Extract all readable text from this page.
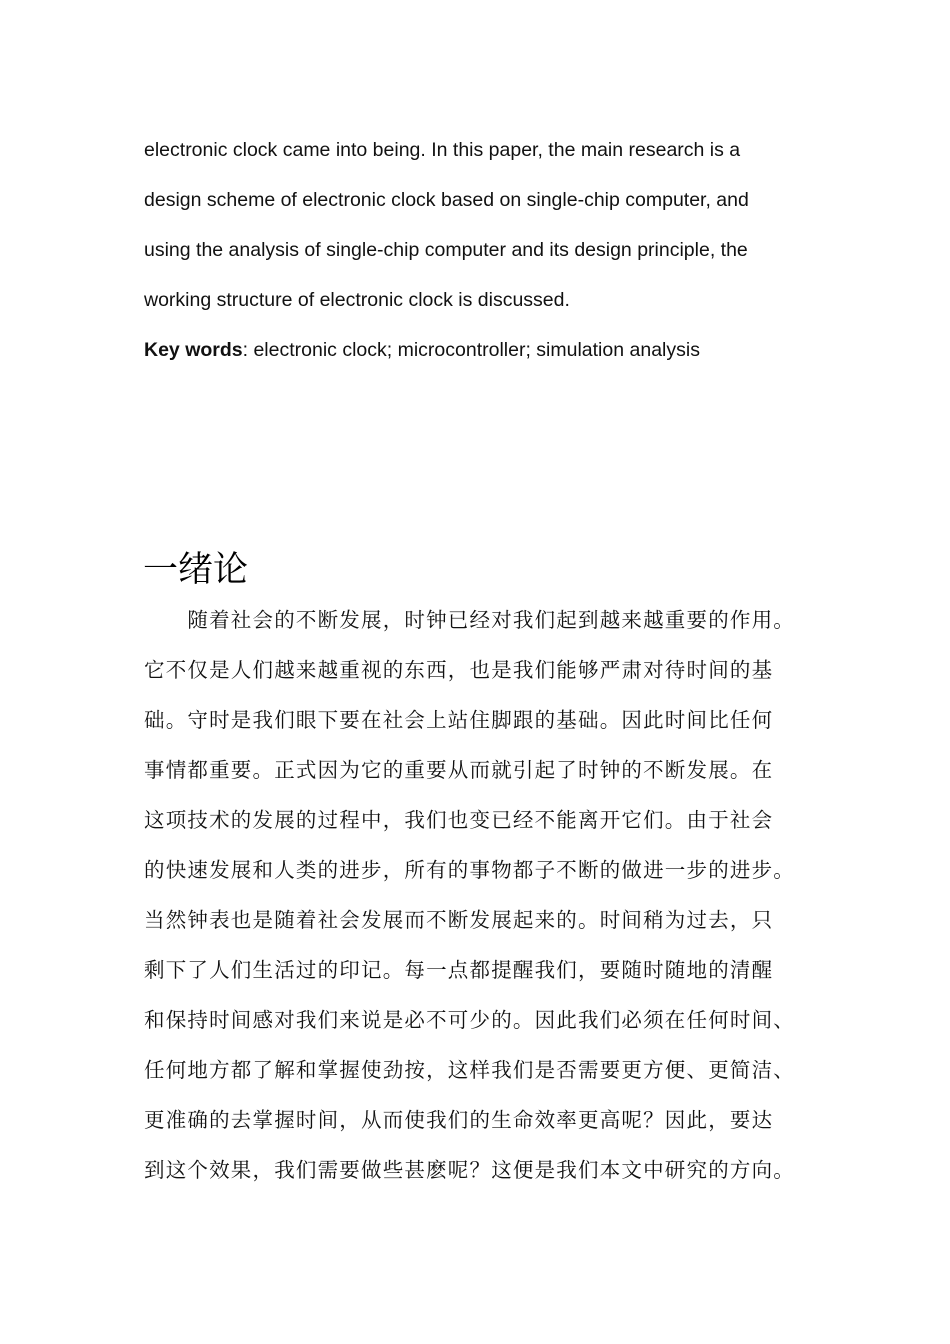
electronic clock came into being. In this paper, the main research is a
design scheme of electronic clock based on single-chip computer, and
using the analysis of single-chip computer and its design principle, the
working structure of electronic clock is discussed.
Key words: electronic clock; microcontroller; simulation analysis
一绪论
　　随着社会的不断发展，时钟已经对我们起到越来越重要的作用。
它不仅是人们越来越重视的东西，也是我们能够严肃对待时间的基
础。守时是我们眼下要在社会上站住脚跟的基础。因此时间比任何
事情都重要。正式因为它的重要从而就引起了时钟的不断发展。在
这项技术的发展的过程中，我们也变已经不能离开它们。由于社会
的快速发展和人类的进步，所有的事物都子不断的做进一步的进步。
当然钟表也是随着社会发展而不断发展起来的。时间稍为过去，只
剩下了人们生活过的印记。每一点都提醒我们，要随时随地的清醒
和保持时间感对我们来说是必不可少的。因此我们必须在任何时间、
任何地方都了解和掌握使劲按，这样我们是否需要更方便、更简洁、
更准确的去掌握时间，从而使我们的生命效率更高呢？因此，要达
到这个效果，我们需要做些甚麽呢？这便是我们本文中研究的方向。
